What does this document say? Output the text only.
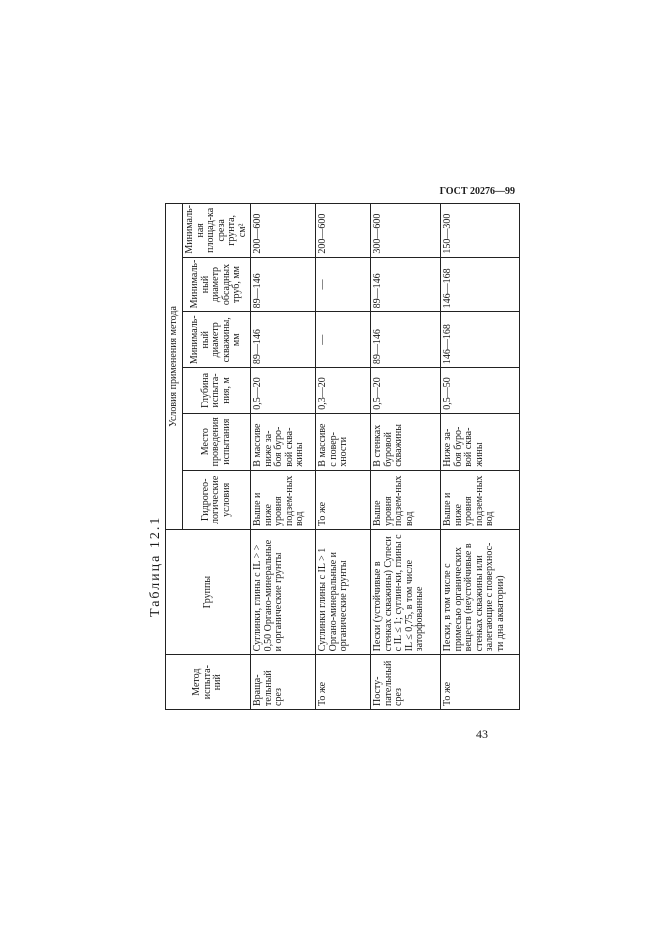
ГОСТ 20276—99
Таблица 12.1
43
Метод испыта-ний	Группы	Условия применения метода					
		Гидрогео-логические условия	Место проведения испытания	Глубина испыта-ния, м	Минималь-ный диаметр скважины, мм	Минималь-ный диаметр обсадных труб, мм	Минималь-ная площад-ка среза грунта, см²
Враща-тельный срез	Суглинки, глины с IL > > 0,50 Органо-минеральные и органические грунты	Выше и ниже уровня подзем-ных вод	В массиве ниже за-боя буро-вой сква-жины	0,5—20	89—146	89—146	200—600
То же	Суглинки глины с IL > 1 Органо-минеральные и органические грунты	То же	В массиве с повер-хности	0,3—20	—	—	200—600
Посту-пательный срез	Пески (устойчивые в стенках скважины) Супеси с IL ≤ 1; суглин-ки, глины с IL ≤ 0,75, в том числе заторфованные	Выше уровня подзем-ных вод	В стенках буровой скважины	0,5—20	89—146	89—146	300—600
То же	Пески, в том числе с примесью органических веществ (неустойчивые в стенках скважины или залегающие с поверхнос-ти дна акватории)	Выше и ниже уровня подзем-ных вод	Ниже за-боя буро-вой сква-жины	0,5—50	146—168	146—168	150—300
